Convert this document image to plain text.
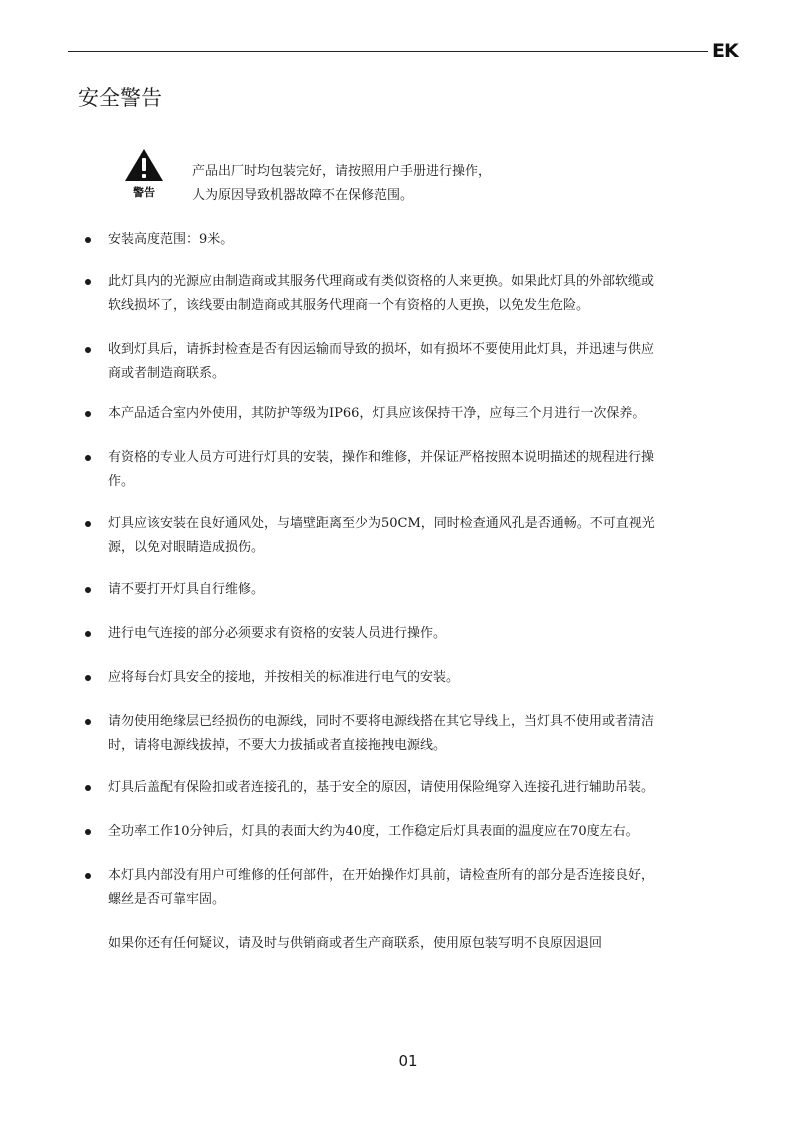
EK
安全警告
警告
产品出厂时均包装完好，请按照用户手册进行操作，
人为原因导致机器故障不在保修范围。
安装高度范围：9米。
此灯具内的光源应由制造商或其服务代理商或有类似资格的人来更换。如果此灯具的外部软缆或
软线损坏了，该线要由制造商或其服务代理商一个有资格的人更换，以免发生危险。
收到灯具后，请拆封检查是否有因运输而导致的损坏，如有损坏不要使用此灯具，并迅速与供应
商或者制造商联系。
本产品适合室内外使用，其防护等级为IP66，灯具应该保持干净，应每三个月进行一次保养。
有资格的专业人员方可进行灯具的安装，操作和维修，并保证严格按照本说明描述的规程进行操
作。
灯具应该安装在良好通风处，与墙壁距离至少为50CM，同时检查通风孔是否通畅。不可直视光
源，以免对眼睛造成损伤。
请不要打开灯具自行维修。
进行电气连接的部分必须要求有资格的安装人员进行操作。
应将每台灯具安全的接地，并按相关的标准进行电气的安装。
请勿使用绝缘层已经损伤的电源线，同时不要将电源线搭在其它导线上，当灯具不使用或者清洁
时，请将电源线拔掉，不要大力拔插或者直接拖拽电源线。
灯具后盖配有保险扣或者连接孔的，基于安全的原因，请使用保险绳穿入连接孔进行辅助吊装。
全功率工作10分钟后，灯具的表面大约为40度，工作稳定后灯具表面的温度应在70度左右。
本灯具内部没有用户可维修的任何部件，在开始操作灯具前，请检查所有的部分是否连接良好，
螺丝是否可靠牢固。
如果你还有任何疑议，请及时与供销商或者生产商联系，使用原包装写明不良原因退回
01
